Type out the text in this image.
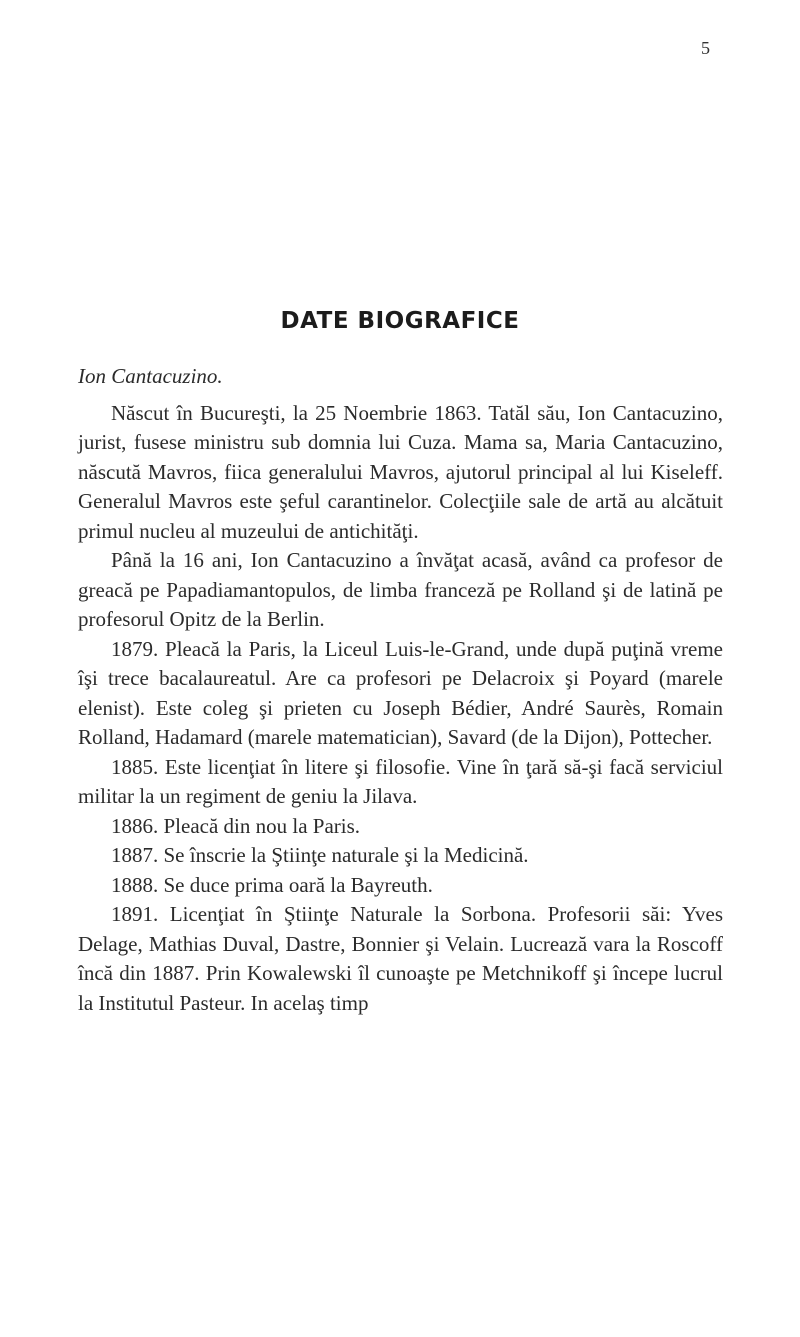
5
DATE BIOGRAFICE

Ion Cantacuzino.

Născut în Bucureşti, la 25 Noembrie 1863. Tatăl său, Ion Cantacuzino, jurist, fusese ministru sub domnia lui Cuza. Mama sa, Maria Cantacuzino, născută Mavros, fiica generalului Mavros, ajutorul principal al lui Kiseleff. Generalul Mavros este şeful carantinelor. Colecţiile sale de artă au alcătuit primul nucleu al muzeului de antichităţi.

Până la 16 ani, Ion Cantacuzino a învăţat acasă, având ca profesor de greacă pe Papadiamantopulos, de limba franceză pe Rolland şi de latină pe profesorul Opitz de la Berlin.

1879. Pleacă la Paris, la Liceul Luis-le-Grand, unde după puţină vreme îşi trece bacalaureatul. Are ca profesori pe Delacroix şi Poyard (marele elenist). Este coleg şi prieten cu Joseph Bédier, André Saurès, Romain Rolland, Hadamard (marele matematician), Savard (de la Dijon), Pottecher.

1885. Este licenţiat în litere şi filosofie. Vine în ţară să-şi facă serviciul militar la un regiment de geniu la Jilava.

1886. Pleacă din nou la Paris.

1887. Se înscrie la Ştiinţe naturale şi la Medicină.

1888. Se duce prima oară la Bayreuth.

1891. Licenţiat în Ştiinţe Naturale la Sorbona. Profesorii săi: Yves Delage, Mathias Duval, Dastre, Bonnier şi Velain. Lucrează vara la Roscoff încă din 1887. Prin Kowalewski îl cunoaşte pe Metchnikoff şi începe lucrul la Institutul Pasteur. In acelaş timp
